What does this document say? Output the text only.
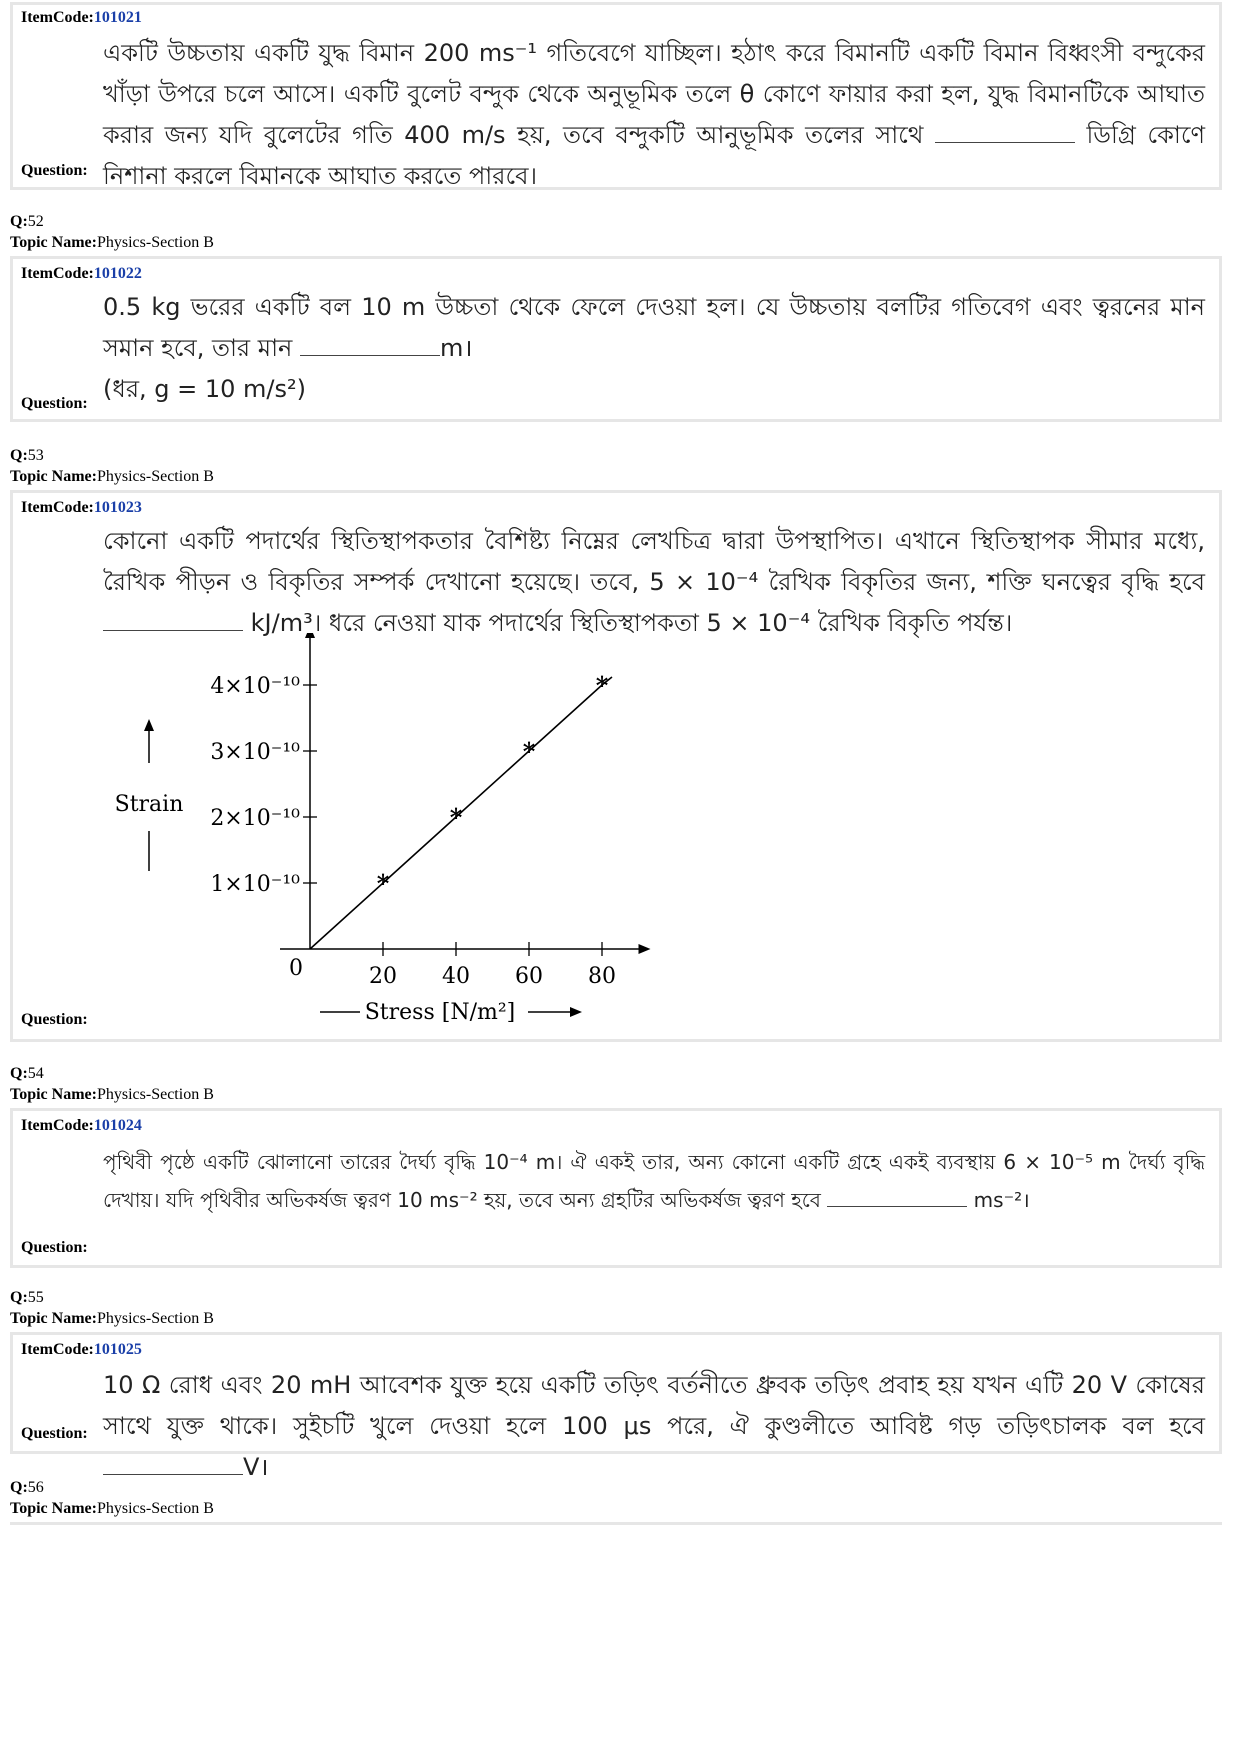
ItemCode:101021
একটি উচ্চতায় একটি যুদ্ধ বিমান 200 ms⁻¹ গতিবেগে যাচ্ছিল। হঠাৎ করে বিমানটি একটি বিমান বিধ্বংসী বন্দুকের খাঁড়া উপরে চলে আসে। একটি বুলেট বন্দুক থেকে অনুভূমিক তলে θ কোণে ফায়ার করা হল, যুদ্ধ বিমানটিকে আঘাত করার জন্য যদি বুলেটের গতি 400 m/s হয়, তবে বন্দুকটি আনুভূমিক তলের সাথে	ডিগ্রি কোণে নিশানা করলে বিমানকে আঘাত করতে পারবে।
Question:
Q:52
Topic Name:Physics-Section B
ItemCode:101022
0.5 kg ভরের একটি বল 10 m উচ্চতা থেকে ফেলে দেওয়া হল। যে উচ্চতায় বলটির গতিবেগ এবং ত্বরনের মান সমান হবে, তার মান	m।
(ধর, g = 10 m/s²)
Question:
Q:53
Topic Name:Physics-Section B
ItemCode:101023
কোনো একটি পদার্থের স্থিতিস্থাপকতার বৈশিষ্ট্য নিম্নের লেখচিত্র দ্বারা উপস্থাপিত। এখানে স্থিতিস্থাপক সীমার মধ্যে, রৈখিক পীড়ন ও বিকৃতির সম্পর্ক দেখানো হয়েছে। তবে, 5 × 10⁻⁴ রৈখিক বিকৃতির জন্য, শক্তি ঘনত্বের বৃদ্ধি হবে  kJ/m³। ধরে নেওয়া যাক পদার্থের স্থিতিস্থাপকতা 5 × 10⁻⁴ রৈখিক বিকৃতি পর্যন্ত।
0	20 40 60 80
1×10⁻¹⁰
2×10⁻¹⁰
3×10⁻¹⁰
4×10⁻¹⁰
*
*
*
*
Strain
Stress [N/m²]
Question:
Q:54
Topic Name:Physics-Section B
ItemCode:101024
পৃথিবী পৃষ্ঠে একটি ঝোলানো তারের দৈর্ঘ্য বৃদ্ধি 10⁻⁴ m। ঐ একই তার, অন্য কোনো একটি গ্রহে একই ব্যবস্থায় 6 × 10⁻⁵ m দৈর্ঘ্য বৃদ্ধি দেখায়। যদি পৃথিবীর অভিকর্ষজ ত্বরণ 10 ms⁻² হয়, তবে অন্য গ্রহটির অভিকর্ষজ ত্বরণ হবে	ms⁻²।
Question:
Q:55
Topic Name:Physics-Section B
ItemCode:101025
10 Ω রোধ এবং 20 mH আবেশক যুক্ত হয়ে একটি তড়িৎ বর্তনীতে ধ্রুবক তড়িৎ প্রবাহ হয় যখন এটি 20 V কোষের সাথে যুক্ত থাকে। সুইচটি খুলে দেওয়া হলে 100 μs পরে, ঐ কুণ্ডলীতে আবিষ্ট গড় তড়িৎচালক বল হবে V।
Question:
Q:56
Topic Name:Physics-Section B
